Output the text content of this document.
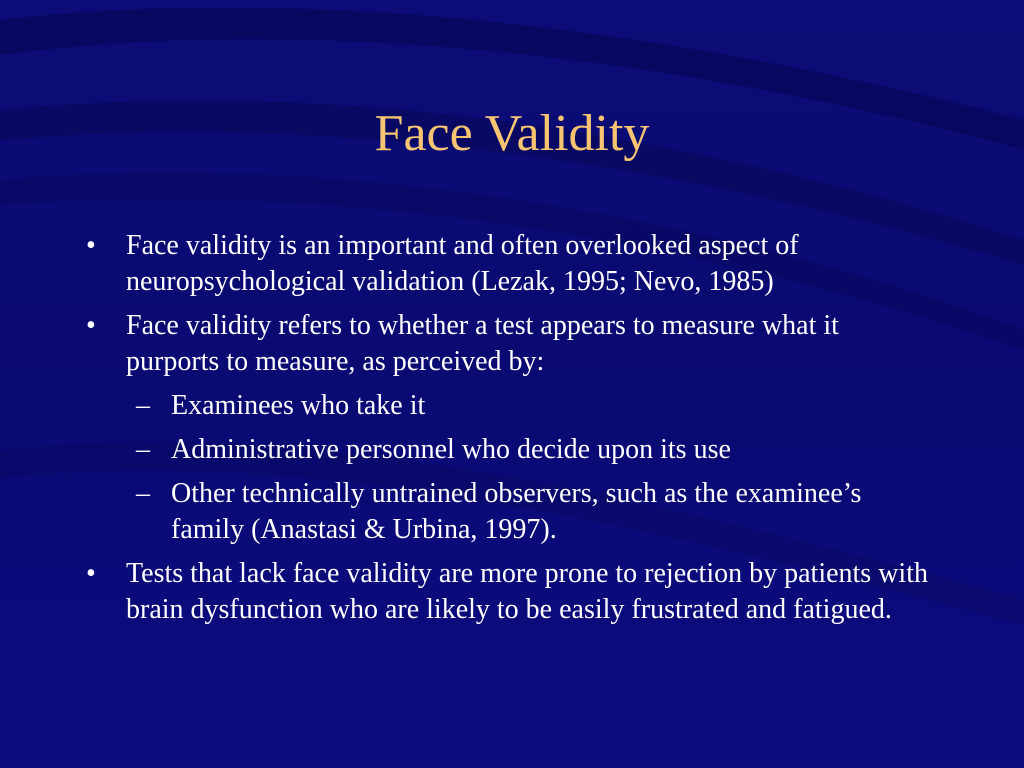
Face Validity
• Face validity is an important and often overlooked aspect of neuropsychological validation (Lezak, 1995; Nevo, 1985)
• Face validity refers to whether a test appears to measure what it purports to measure, as perceived by:
– Examinees who take it
– Administrative personnel who decide upon its use
– Other technically untrained observers, such as the examinee’s family (Anastasi & Urbina, 1997).
• Tests that lack face validity are more prone to rejection by patients with brain dysfunction who are likely to be easily frustrated and fatigued.
